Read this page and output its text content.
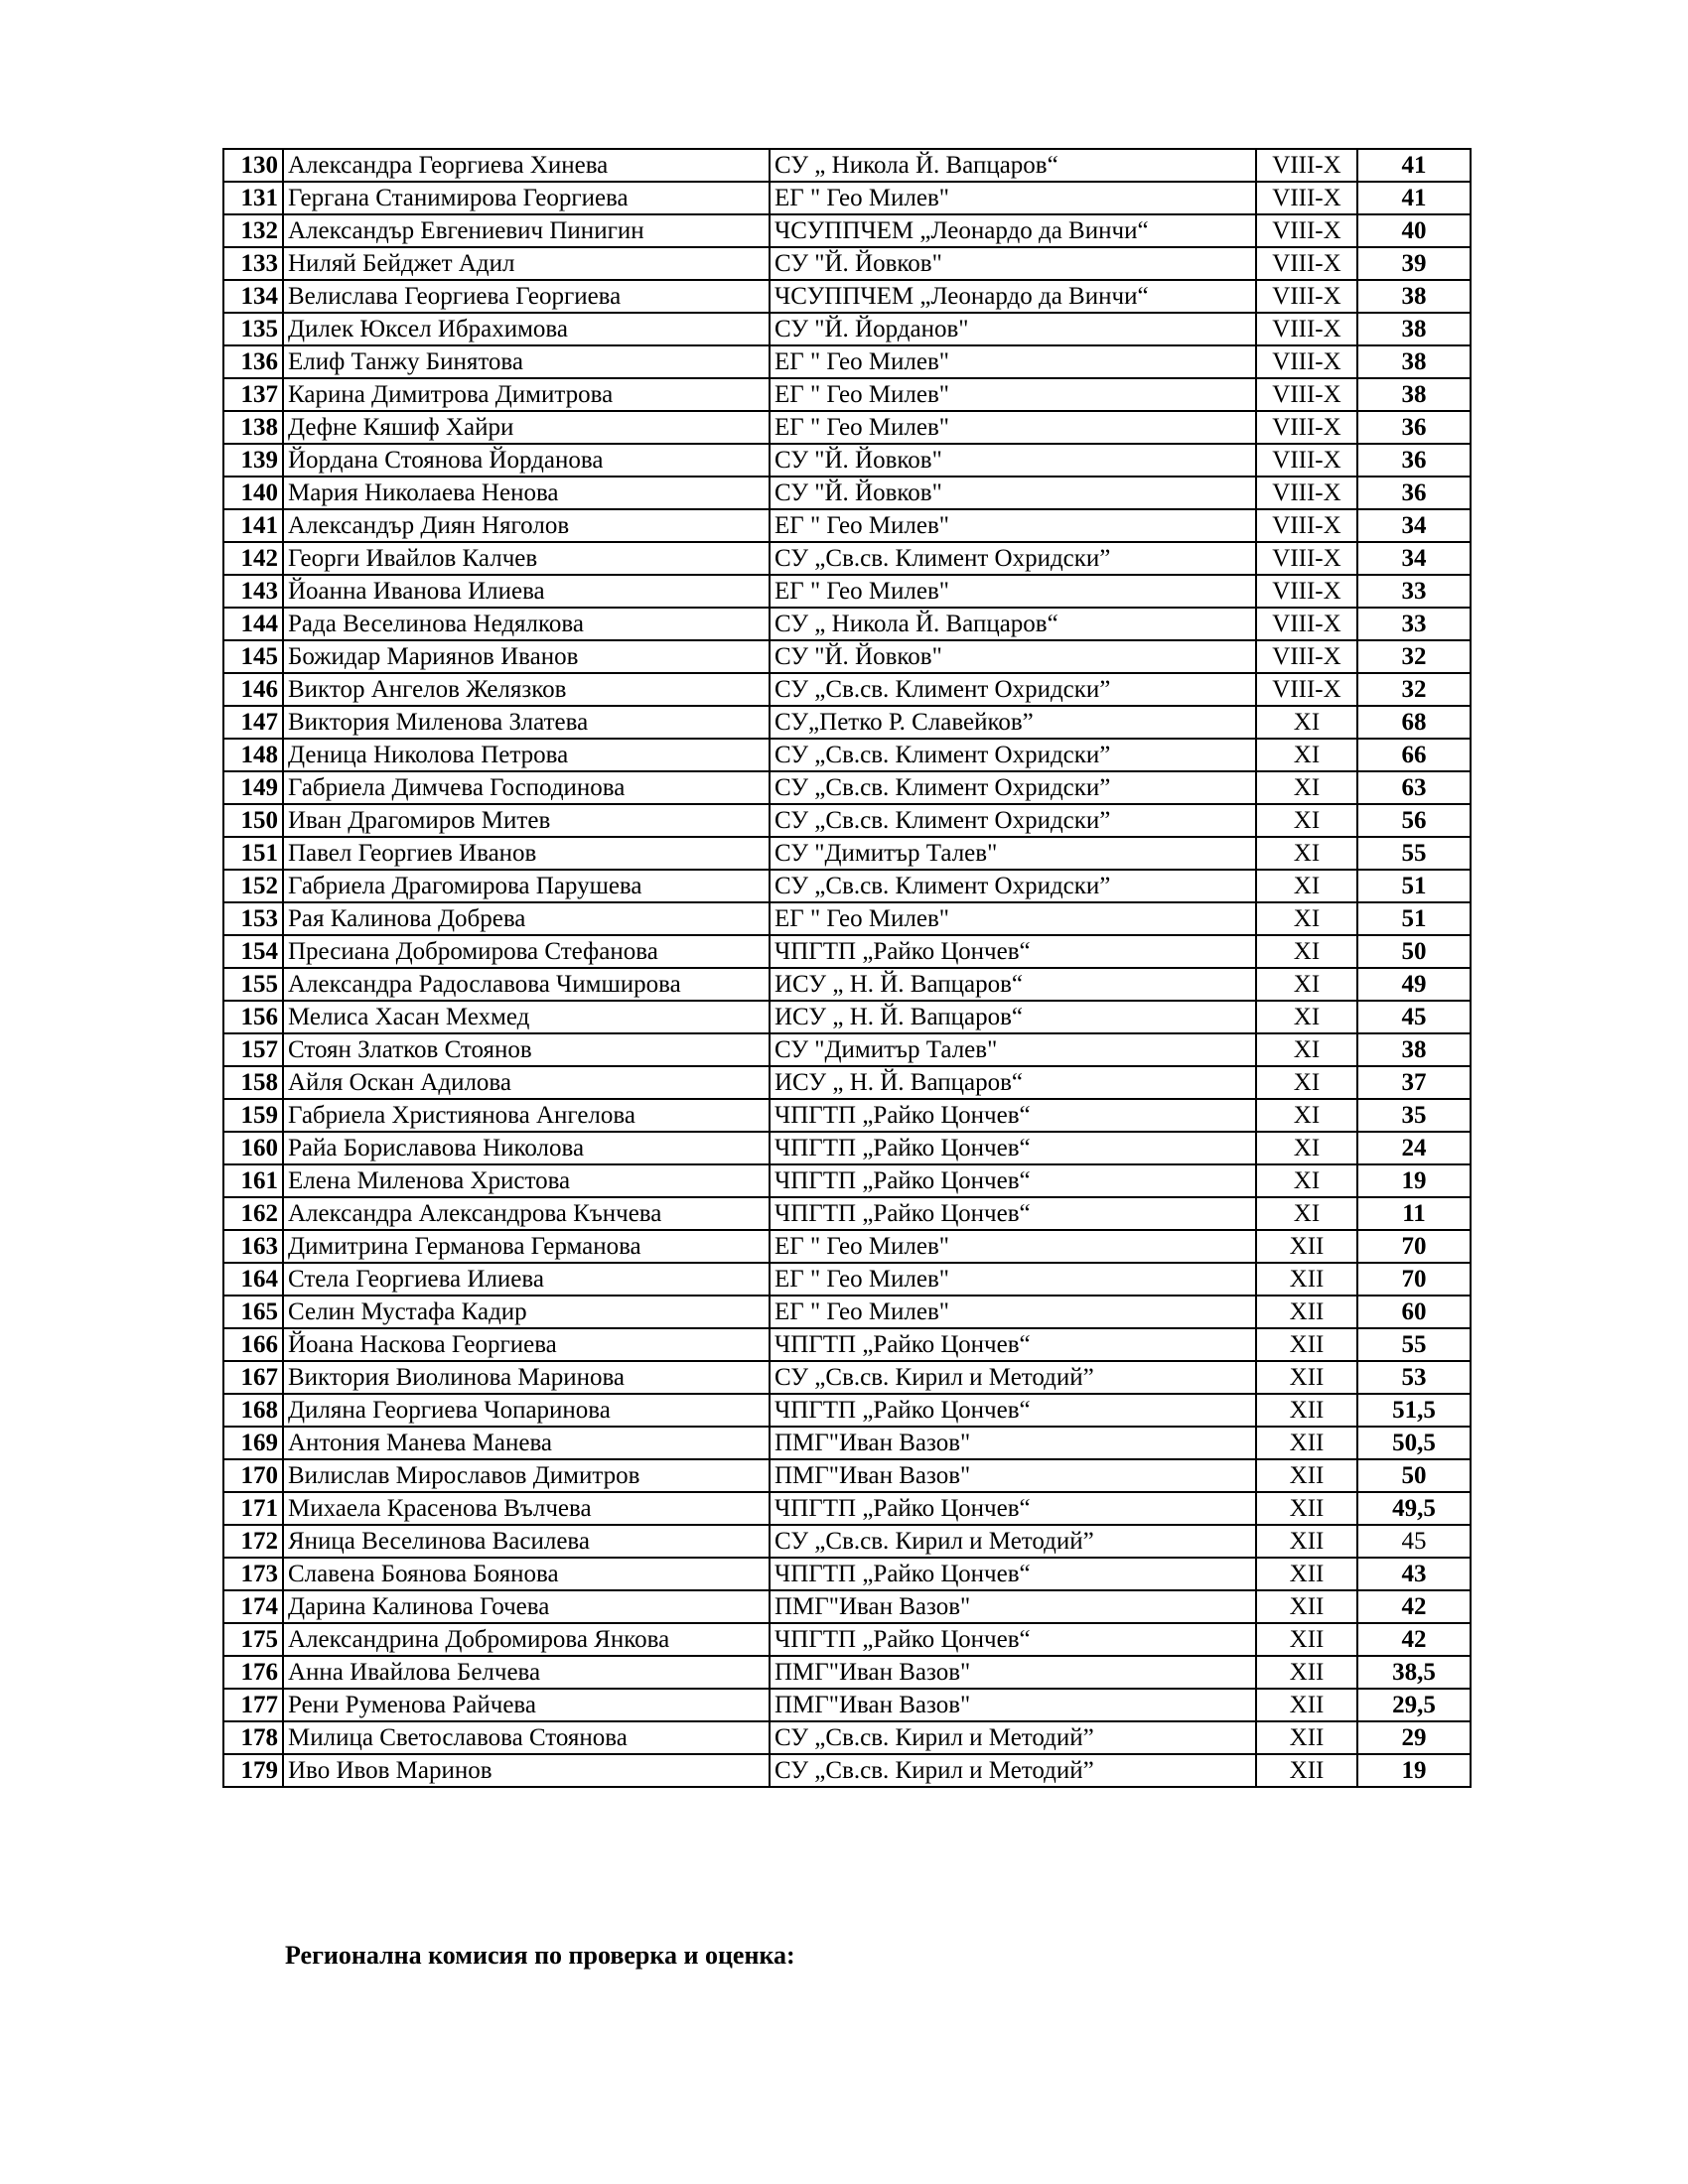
130	Александра Георгиева Хинева	СУ „ Никола Й. Вапцаров“	VIII-X	41
131	Гергана Станимирова Георгиева	ЕГ " Гео Милев"	VIII-X	41
132	Александър Евгениевич Пинигин	ЧСУППЧЕМ „Леонардо да Винчи“	VIII-X	40
133	Ниляй Бейджет Адил	СУ "Й. Йовков"	VIII-X	39
134	Велислава Георгиева Георгиева	ЧСУППЧЕМ „Леонардо да Винчи“	VIII-X	38
135	Дилек Юксел Ибрахимова	СУ "Й. Йорданов"	VIII-X	38
136	Елиф Танжу Бинятова	ЕГ " Гео Милев"	VIII-X	38
137	Карина Димитрова Димитрова	ЕГ " Гео Милев"	VIII-X	38
138	Дефне Кяшиф Хайри	ЕГ " Гео Милев"	VIII-X	36
139	Йордана Стоянова Йорданова	СУ "Й. Йовков"	VIII-X	36
140	Мария Николаева Ненова	СУ "Й. Йовков"	VIII-X	36
141	Александър Диян Няголов	ЕГ " Гео Милев"	VIII-X	34
142	Георги Ивайлов Калчев	СУ „Св.св. Климент Охридски”	VIII-X	34
143	Йоанна Иванова Илиева	ЕГ " Гео Милев"	VIII-X	33
144	Рада Веселинова Недялкова	СУ „ Никола Й. Вапцаров“	VIII-X	33
145	Божидар Мариянов Иванов	СУ "Й. Йовков"	VIII-X	32
146	Виктор Ангелов Желязков	СУ „Св.св. Климент Охридски”	VIII-X	32
147	Виктория Миленова Златева	СУ„Петко Р. Славейков”	XI	68
148	Деница Николова Петрова	СУ „Св.св. Климент Охридски”	XI	66
149	Габриела Димчева Господинова	СУ „Св.св. Климент Охридски”	XI	63
150	Иван Драгомиров Митев	СУ „Св.св. Климент Охридски”	XI	56
151	Павел Георгиев Иванов	СУ "Димитър Талев"	XI	55
152	Габриела Драгомирова Парушева	СУ „Св.св. Климент Охридски”	XI	51
153	Рая Калинова Добрева	ЕГ " Гео Милев"	XI	51
154	Пресиана Добромирова Стефанова	ЧПГТП „Райко Цончев“	XI	50
155	Александра Радославова Чимширова	ИСУ „ Н. Й. Вапцаров“	XI	49
156	Мелиса Хасан Мехмед	ИСУ „ Н. Й. Вапцаров“	XI	45
157	Стоян Златков Стоянов	СУ "Димитър Талев"	XI	38
158	Айля Оскан Адилова	ИСУ „ Н. Й. Вапцаров“	XI	37
159	Габриела Християнова Ангелова	ЧПГТП „Райко Цончев“	XI	35
160	Райа Бориславова Николова	ЧПГТП „Райко Цончев“	XI	24
161	Елена Миленова Христова	ЧПГТП „Райко Цончев“	XI	19
162	Александра Александрова Кънчева	ЧПГТП „Райко Цончев“	XI	11
163	Димитрина Германова Германова	ЕГ " Гео Милев"	XII	70
164	Стела Георгиева Илиева	ЕГ " Гео Милев"	XII	70
165	Селин Мустафа Кадир	ЕГ " Гео Милев"	XII	60
166	Йоана Наскова Георгиева	ЧПГТП „Райко Цончев“	XII	55
167	Виктория Виолинова Маринова	СУ „Св.св. Кирил и Методий”	XII	53
168	Диляна Георгиева Чопаринова	ЧПГТП „Райко Цончев“	XII	51,5
169	Антония Манева Манева	ПМГ"Иван Вазов"	XII	50,5
170	Вилислав Мирославов Димитров	ПМГ"Иван Вазов"	XII	50
171	Михаела Красенова Вълчева	ЧПГТП „Райко Цончев“	XII	49,5
172	Яница Веселинова Василева	СУ „Св.св. Кирил и Методий”	XII	45
173	Славена Боянова Боянова	ЧПГТП „Райко Цончев“	XII	43
174	Дарина Калинова Гочева	ПМГ"Иван Вазов"	XII	42
175	Александрина Добромирова Янкова	ЧПГТП „Райко Цончев“	XII	42
176	Анна Ивайлова Белчева	ПМГ"Иван Вазов"	XII	38,5
177	Рени Руменова Райчева	ПМГ"Иван Вазов"	XII	29,5
178	Милица Светославова Стоянова	СУ „Св.св. Кирил и Методий”	XII	29
179	Иво Ивов Маринов	СУ „Св.св. Кирил и Методий”	XII	19
Регионална комисия по проверка и оценка:
